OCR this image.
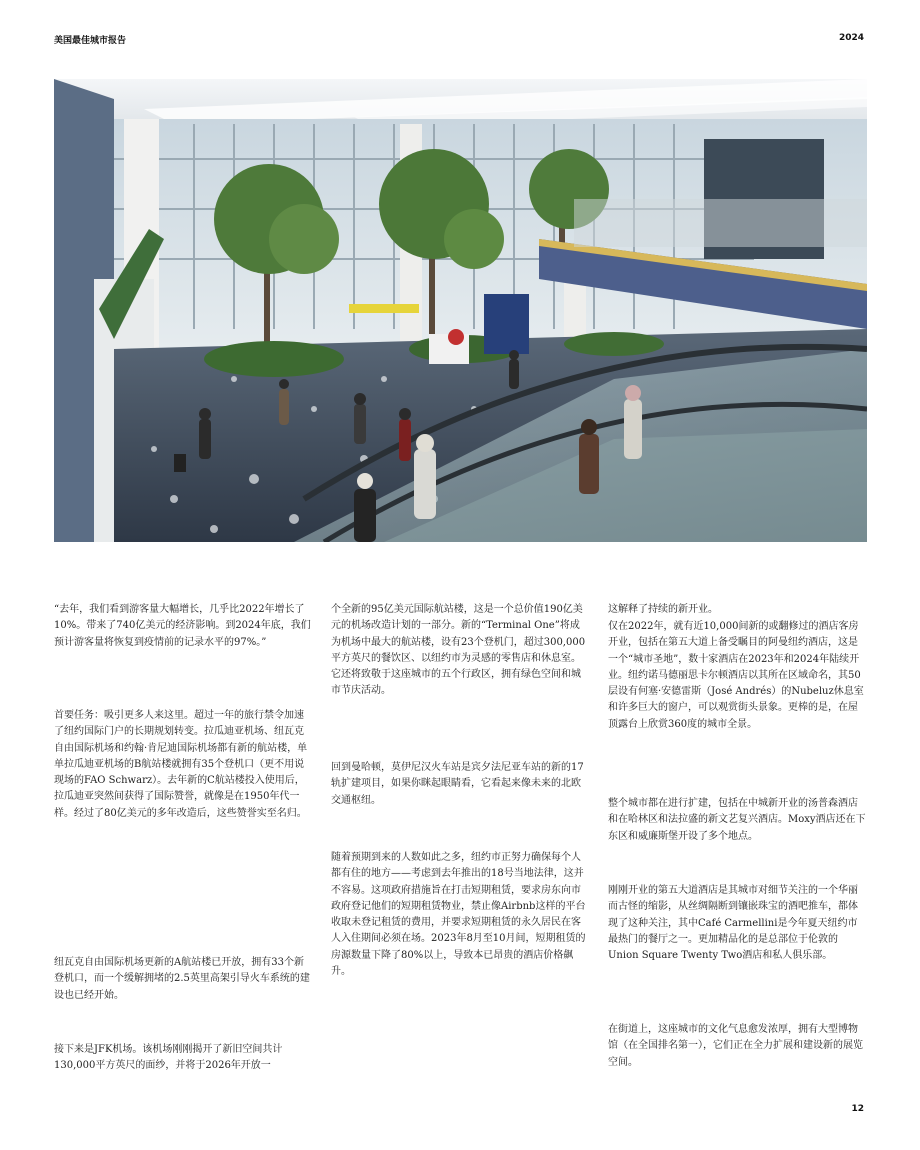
美国最佳城市报告	2024

“去年，我们看到游客量大幅增长，几乎比2022年增长了10%。带来了740亿美元的经济影响。到2024年底，我们预计游客量将恢复到疫情前的记录水平的97%。”

首要任务：吸引更多人来这里。超过一年的旅行禁令加速了纽约国际门户的长期规划转变。拉瓜迪亚机场、纽瓦克自由国际机场和约翰·肯尼迪国际机场都有新的航站楼，单单拉瓜迪亚机场的B航站楼就拥有35个登机口（更不用说现场的FAO Schwarz）。去年新的C航站楼投入使用后，拉瓜迪亚突然间获得了国际赞誉，就像是在1950年代一样。经过了80亿美元的多年改造后，这些赞誉实至名归。

纽瓦克自由国际机场更新的A航站楼已开放，拥有33个新登机口，而一个缓解拥堵的2.5英里高架引导火车系统的建设也已经开始。

接下来是JFK机场。该机场刚刚揭开了新旧空间共计130,000平方英尺的面纱，并将于2026年开放一

个全新的95亿美元国际航站楼，这是一个总价值190亿美元的机场改造计划的一部分。新的“Terminal One”将成为机场中最大的航站楼，设有23个登机门，超过300,000平方英尺的餐饮区、以纽约市为灵感的零售店和休息室。它还将致敬于这座城市的五个行政区，拥有绿色空间和城市节庆活动。

回到曼哈顿，莫伊尼汉火车站是宾夕法尼亚车站的新的17轨扩建项目，如果你眯起眼睛看，它看起来像未来的北欧交通枢纽。

随着预期到来的人数如此之多，纽约市正努力确保每个人都有住的地方——考虑到去年推出的18号当地法律，这并不容易。这项政府措施旨在打击短期租赁，要求房东向市政府登记他们的短期租赁物业，禁止像Airbnb这样的平台收取未登记租赁的费用，并要求短期租赁的永久居民在客人入住期间必须在场。2023年8月至10月间，短期租赁的房源数量下降了80%以上，导致本已昂贵的酒店价格飙升。

这解释了持续的新开业。

仅在2022年，就有近10,000间新的或翻修过的酒店客房开业，包括在第五大道上备受瞩目的阿曼纽约酒店，这是一个“城市圣地”，数十家酒店在2023年和2024年陆续开业。纽约诺马德丽思卡尔顿酒店以其所在区域命名，其50层设有何塞·安德雷斯（José Andrés）的Nubeluz休息室和许多巨大的窗户，可以观赏街头景象。更棒的是，在屋顶露台上欣赏360度的城市全景。

整个城市都在进行扩建，包括在中城新开业的汤普森酒店和在哈林区和法拉盛的新文艺复兴酒店。Moxy酒店还在下东区和威廉斯堡开设了多个地点。

刚刚开业的第五大道酒店是其城市对细节关注的一个华丽而古怪的缩影，从丝绸隔断到镶嵌珠宝的酒吧推车，都体现了这种关注，其中Café Carmellini是今年夏天纽约市最热门的餐厅之一。更加精品化的是总部位于伦敦的Union Square Twenty Two酒店和私人俱乐部。

在街道上，这座城市的文化气息愈发浓厚，拥有大型博物馆（在全国排名第一），它们正在全力扩展和建设新的展览空间。

12
